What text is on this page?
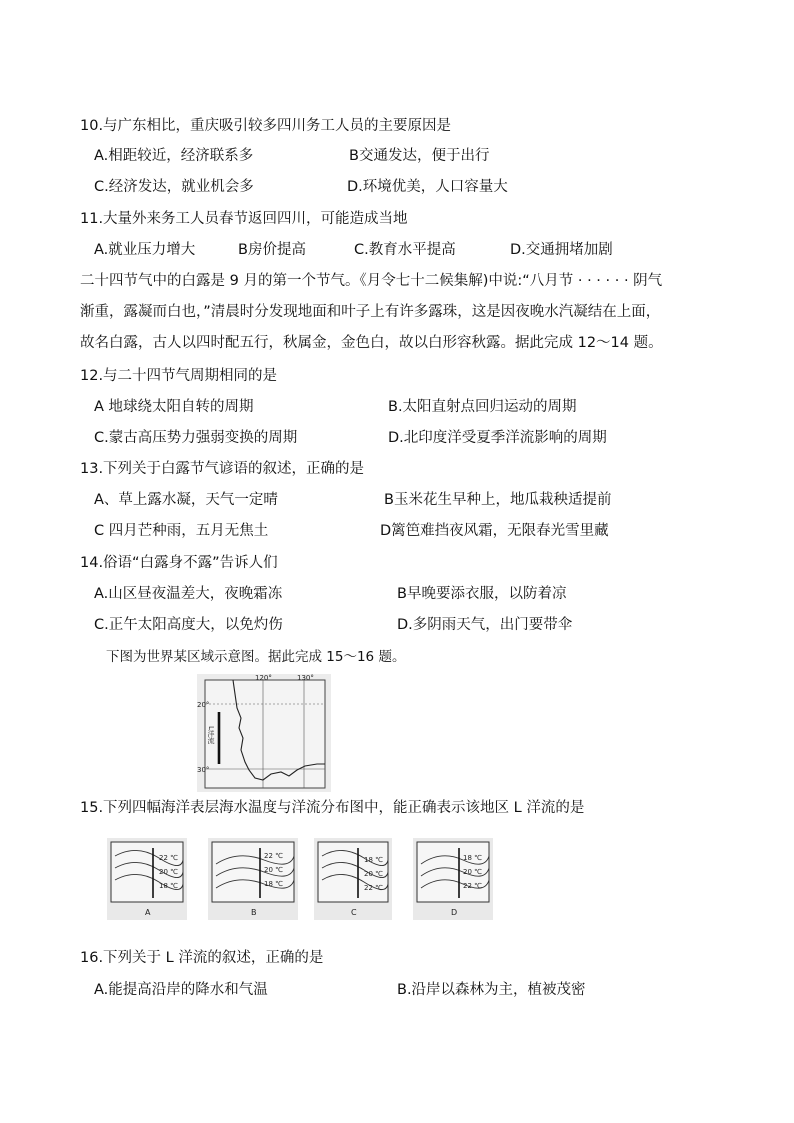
10.与广东相比，重庆吸引较多四川务工人员的主要原因是
A.相距较近，经济联系多	B交通发达，便于出行
C.经济发达，就业机会多	D.环境优美，人口容量大
11.大量外来务工人员春节返回四川，可能造成当地
A.就业压力增大	B房价提高	C.教育水平提高	D.交通拥堵加剧
二十四节气中的白露是 9 月的第一个节气。《月令七十二候集解)中说:“八月节 · · · · · · 阴气
渐重，露凝而白也，”清晨时分发现地面和叶子上有许多露珠，这是因夜晚水汽凝结在上面，
故名白露，古人以四时配五行，秋属金，金色白，故以白形容秋露。据此完成 12～14 题。
12.与二十四节气周期相同的是
A 地球绕太阳自转的周期	B.太阳直射点回归运动的周期
C.蒙古高压势力强弱变换的周期	D.北印度洋受夏季洋流影响的周期
13.下列关于白露节气谚语的叙述，正确的是
A、草上露水凝，天气一定晴	B玉米花生早种上，地瓜栽秧适提前
C 四月芒种雨，五月无焦土	D篱笆难挡夜风霜，无限春光雪里藏
14.俗语“白露身不露”告诉人们
A.山区昼夜温差大，夜晚霜冻	B早晚要添衣服，以防着凉
C.正午太阳高度大，以免灼伤	D.多阴雨天气，出门要带伞
下图为世界某区域示意图。据此完成 15～16 题。
L洋流
120°	130°
20°
30°
15.下列四幅海洋表层海水温度与洋流分布图中，能正确表示该地区 L 洋流的是
22 ℃
20 ℃
18 ℃
A
22 ℃
20 ℃
18 ℃
B
18 ℃
20 ℃
22 ℃
C
18 ℃
20 ℃
22 ℃
D
16.下列关于 L 洋流的叙述，正确的是
A.能提高沿岸的降水和气温	B.沿岸以森林为主，植被茂密
